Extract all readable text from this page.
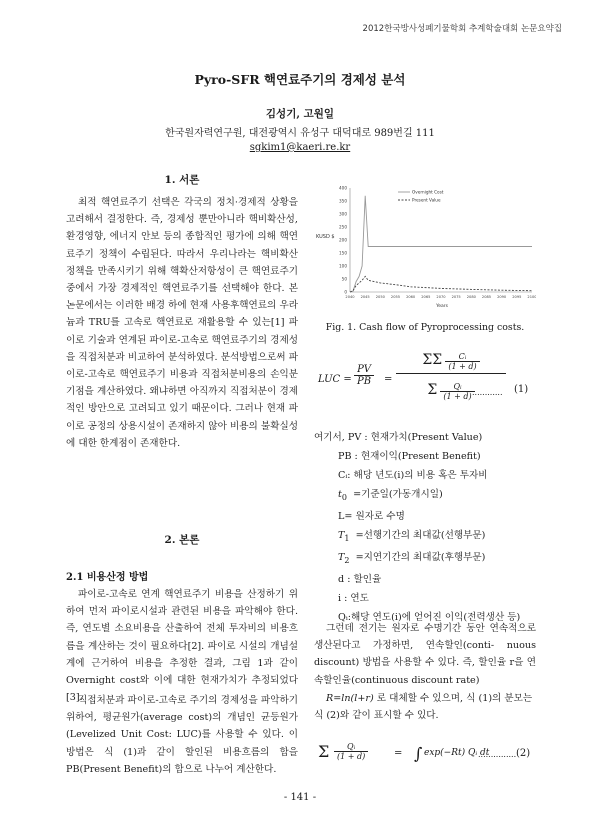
2012한국방사성폐기물학회 추계학술대회 논문요약집
Pyro-SFR 핵연료주기의 경제성 분석
김성기, 고원일
한국원자력연구원, 대전광역시 유성구 대덕대로 989번길 111
sgkim1@kaeri.re.kr
1. 서론

최적 핵연료주기 선택은 각국의 정치·경제적 상황을 고려해서 결정한다. 즉, 경제성 뿐만아니라 핵비확산성, 환경영향, 에너지 안보 등의 종합적인 평가에 의해 핵연료주기 정책이 수립된다. 따라서 우리나라는 핵비확산 정책을 만족시키기 위해 핵확산저항성이 큰 핵연료주기 중에서 가장 경제적인 핵연료주기를 선택해야 한다. 본 논문에서는 이러한 배경 하에 현재 사용후핵연료의 우라늄과 TRU를 고속로 핵연료로 재활용할 수 있는[1] 파이로 기술과 연계된 파이로-고속로 핵연료주기의 경제성을 직접처분과 비교하여 분석하였다. 분석방법으로써 파이로-고속로 핵연료주기 비용과 직접처분비용의 손익분기점을 계산하였다. 왜냐하면 아직까지 직접처분이 경제적인 방안으로 고려되고 있기 때문이다. 그러나 현재 파이로 공정의 상용시설이 존재하지 않아 비용의 불확실성에 대한 한계점이 존재한다.

2. 본론
2.1 비용산정 방법

파이로-고속로 연계 핵연료주기 비용을 산정하기 위하여 먼저 파이로시설과 관련된 비용을 파악해야 한다. 즉, 연도별 소요비용을 산출하여 전체 투자비의 비용흐름을 계산하는 것이 필요하다[2]. 파이로 시설의 개념설계에 근거하여 비용을 추정한 결과, 그림 1과 같이 Overnight cost와 이에 대한 현재가치가 추정되었다[3].

직접처분과 파이로-고속로 주기의 경제성을 파악하기 위하여, 평균원가(average cost)의 개념인 균등원가(Levelized Unit Cost: LUC)를 사용할 수 있다. 이 방법은 식 (1)과 같이 할인된 비용흐름의 합을 PB(Present Benefit)의 합으로 나누어 계산한다.

400
350
300
250
200
150
100
50
0
2040 2045 2050 2055 2060 2065 2070 2075 2080 2085 2090 2095 2100
Overnight Cost
Present Value
KUSD $
Years
Fig. 1. Cash flow of Pyroprocessing costs.
LUC = $\frac{PV}{PB}$ =
ΣΣ $\frac{\text{Cᵢ}}{(1 + d)}$
Σ $\frac{\text{Qᵢ}}{(1 + d)}$
............ (1)
여기서, PV : 현재가치(Present Value)
PB : 현재이익(Present Benefit)
Cᵢ: 해당 년도(i)의 비용 혹은 투자비
$t_0$ =기준일(가동개시일)
L= 원자로 수명
$T_1$ =선행기간의 최대값(선행부문)
$T_2$ =지연기간의 최대값(후행부문)
d : 할인율
i : 연도
Qᵢ:해당 연도(i)에 얻어진 이익(전력생산 등)

그런데 전기는 원자로 수명기간 동안 연속적으로 생산된다고 가정하면, 연속할인(conti- nuous discount) 방법을 사용할 수 있다. 즉, 할인율 r을 연속할인율(continuous discount rate)

R=ln(l+r) 로 대체할 수 있으며, 식 (1)의 분모는 식 (2)와 같이 표시할 수 있다.
Σ $\frac{\text{Qᵢ}}{(1 + d)}$	= ∫ exp(−Rt) Qᵢ dt
............... (2)
- 141 -
